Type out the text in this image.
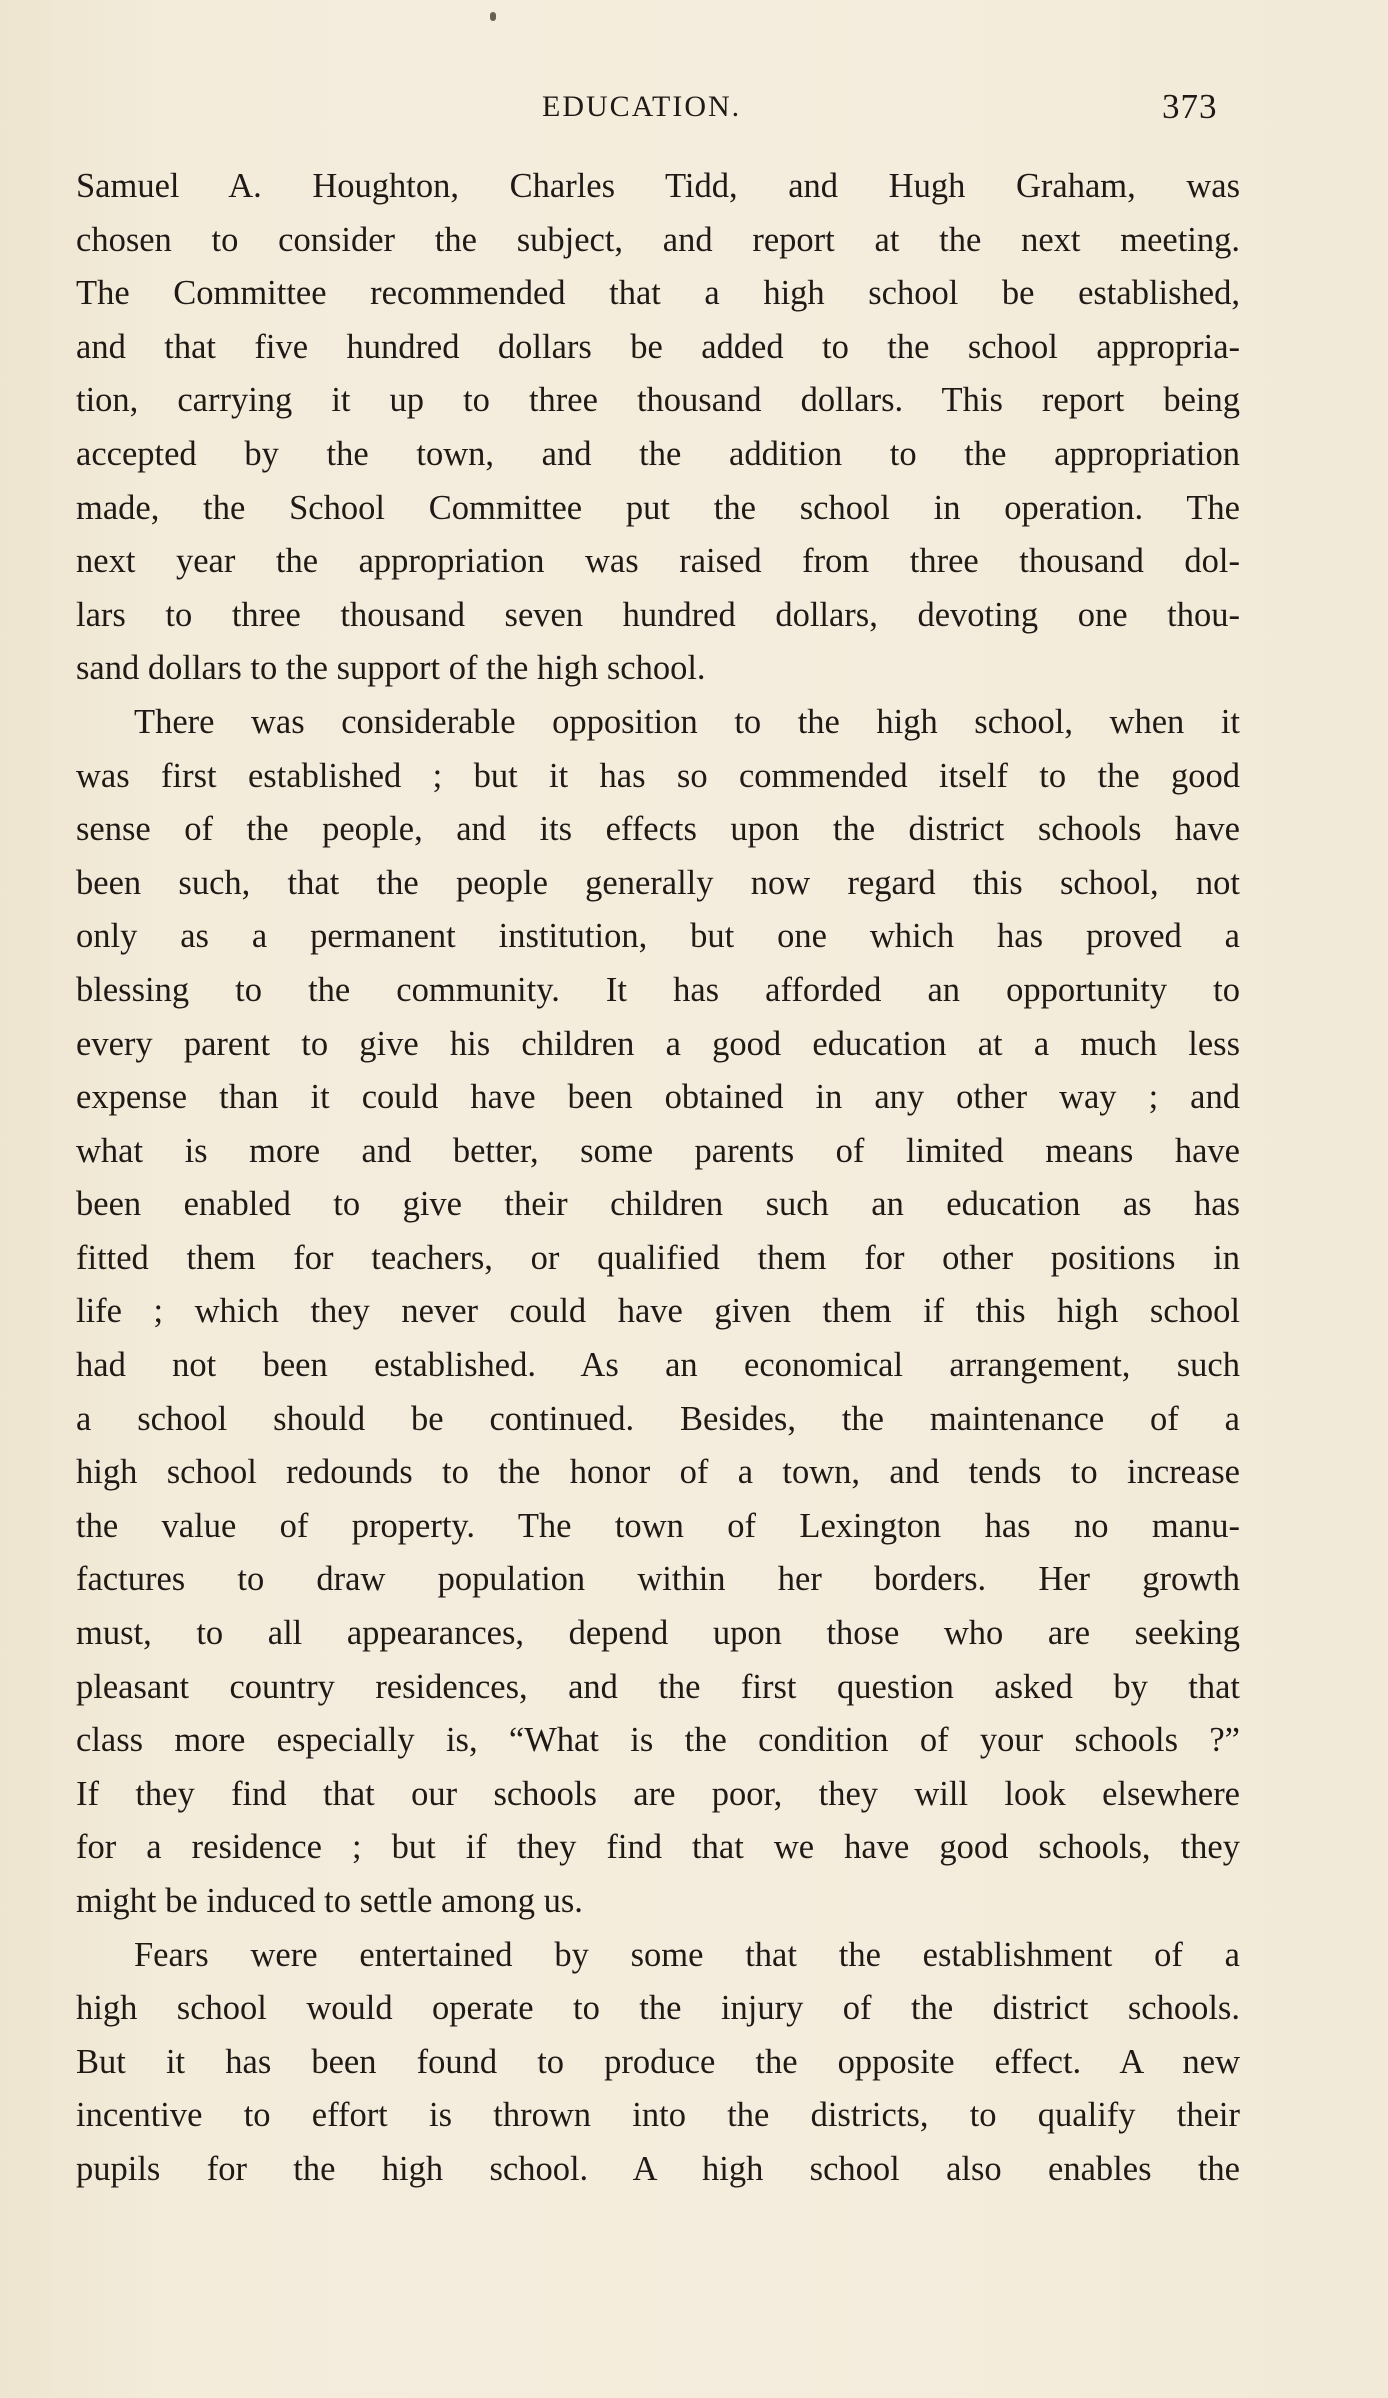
EDUCATION.	373
Samuel A. Houghton, Charles Tidd, and Hugh Graham, was
chosen to consider the subject, and report at the next meeting.
The Committee recommended that a high school be established,
and that five hundred dollars be added to the school appropria-
tion, carrying it up to three thousand dollars. This report being
accepted by the town, and the addition to the appropriation
made, the School Committee put the school in operation. The
next year the appropriation was raised from three thousand dol-
lars to three thousand seven hundred dollars, devoting one thou-
sand dollars to the support of the high school.
There was considerable opposition to the high school, when it
was first established ; but it has so commended itself to the good
sense of the people, and its effects upon the district schools have
been such, that the people generally now regard this school, not
only as a permanent institution, but one which has proved a
blessing to the community. It has afforded an opportunity to
every parent to give his children a good education at a much less
expense than it could have been obtained in any other way ; and
what is more and better, some parents of limited means have
been enabled to give their children such an education as has
fitted them for teachers, or qualified them for other positions in
life ; which they never could have given them if this high school
had not been established. As an economical arrangement, such
a school should be continued. Besides, the maintenance of a
high school redounds to the honor of a town, and tends to increase
the value of property. The town of Lexington has no manu-
factures to draw population within her borders. Her growth
must, to all appearances, depend upon those who are seeking
pleasant country residences, and the first question asked by that
class more especially is, “What is the condition of your schools ?”
If they find that our schools are poor, they will look elsewhere
for a residence ; but if they find that we have good schools, they
might be induced to settle among us.
Fears were entertained by some that the establishment of a
high school would operate to the injury of the district schools.
But it has been found to produce the opposite effect. A new
incentive to effort is thrown into the districts, to qualify their
pupils for the high school. A high school also enables the
